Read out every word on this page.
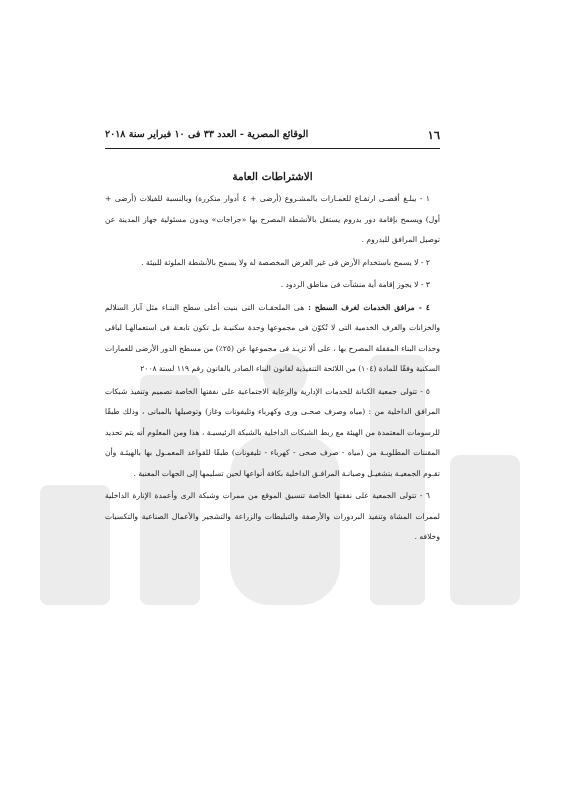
١٦
الوقائع المصرية - العدد ٣٣ فى ١٠ فبراير سنة ٢٠١٨
الاشتراطات العامة

١ - يبلـغ أقصـى ارتفـاع للعمـارات بالمشـروع (أرضى + ٤ أدوار متكررة) وبالنسبة للفيلات (أرضى + أول) ويسمح بإقامة دور بدروم يستغل بالأنشطة المصرح بها «جراجات» ويدون مسئولية جهاز المدينة عن توصيل المرافق للبدروم .

٢ - لا يسمح باستخدام الأرض فى غير الغرض المخصصة له ولا يسمح بالأنشطة الملوثة للبيئة .

٣ - لا يجوز إقامة أية منشآت فى مناطق الردود .

٤ - مرافق الخدمات لغرف السطح : هى الملحقـات التى بنيت أعلى سطح البنـاء مثل آبار السلالم والخزانات والغرف الخدمية التى لا تُكوّن فى مجموعها وحدة سكنيـة بل تكون تابعـة فى استعمالهـا لباقى وحدات البناء المقفلة المصرح بها ، على ألا تزيـد فى مجموعها عن (٢٥٪) من مسطح الدور الأرضى للعمارات السكنية وفقًا للمادة (١٠٤) من اللائحة التنفيذية لقانون البناء الصادر بالقانون رقم ١١٩ لسنة ٢٠٠٨

٥ - تتولى جمعية الكنانة للخدمات الإدارية والرعاية الاجتماعية على نفقتها الخاصة تصميم وتنفيذ شبكات المرافق الداخلية من : (مياه وصرف صحـى ورى وكهرباء وتليفونات وغاز) وتوصيلها بالمبانى ، وذلك طبقًا للرسومات المعتمدة من الهيئة مع ربط الشبكات الداخلية بالشبكة الرئيسيـة ، هذا ومن المعلوم أنه يتم تحديد المقننات المطلوبـة من (مياه - صرف صحى - كهرباء - تليفونات) طبقًا للقواعد المعمـول بها بالهيئـة وأن تقـوم الجمعيـة بتشغيـل وصيانـة المرافـق الداخلية بكافة أنواعها لحين تسليمها إلى الجهات المعنية .

٦ - تتولى الجمعية على نفقتها الخاصة تنسيق الموقع من ممرات وشبكة الرى وأعمدة الإنارة الداخلية لممرات المشاة وتنفيذ البردورات والأرصفة والتبليطات والزراعة والتشجير والأعمال الصناعية والتكسيات وخلافه .
